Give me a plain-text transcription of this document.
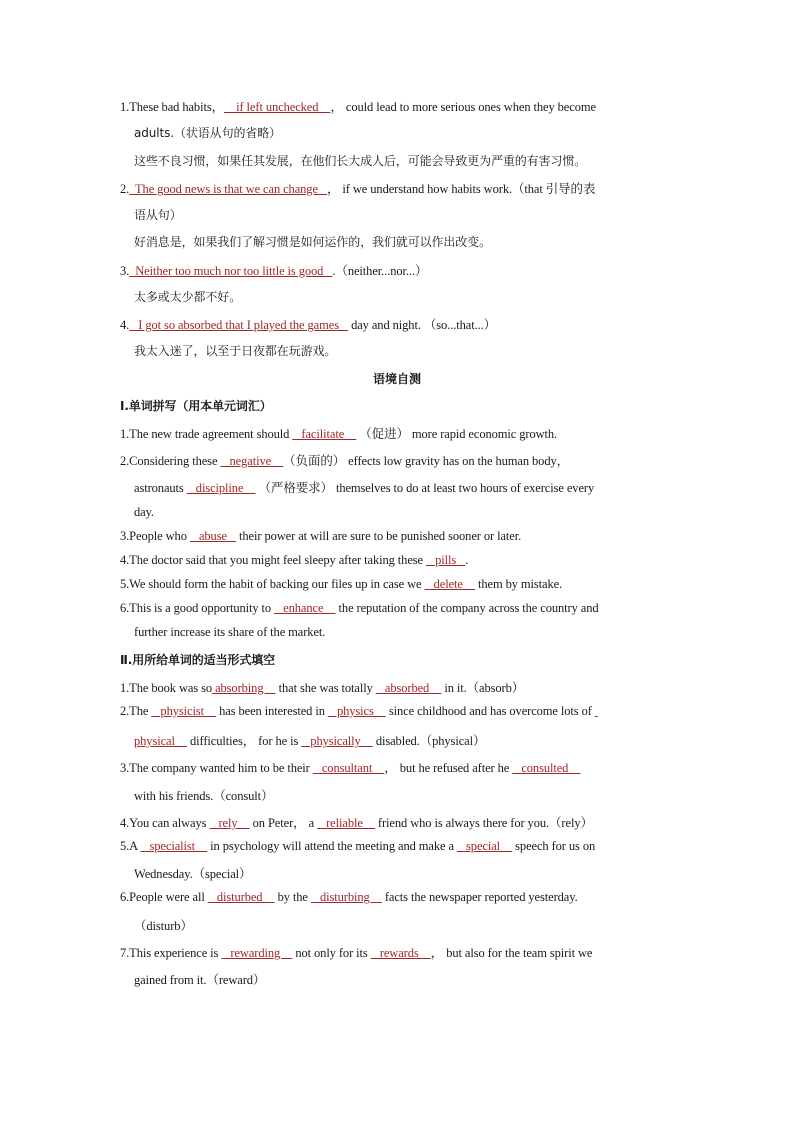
1.These bad habits，    if left unchecked    ， could lead to more serious ones when they become
adults.（状语从句的省略）
这些不良习惯，如果任其发展，在他们长大成人后，可能会导致更为严重的有害习惯。
2.  The good news is that we can change   ， if we understand how habits work.（that 引导的表
语从句）
好消息是，如果我们了解习惯是如何运作的，我们就可以作出改变。
3.  Neither too much nor too little is good   .（neither...nor...）
太多或太少都不好。
4.   I got so absorbed that I played the games    day and night. （so...that...）
我太入迷了，以至于日夜都在玩游戏。
语境自测
Ⅰ.单词拼写（用本单元词汇）
1.The new trade agreement should    facilitate     （促进） more rapid economic growth.
2.Considering these    negative    （负面的） effects low gravity has on the human body，
astronauts    discipline     （严格要求） themselves to do at least two hours of exercise every
day.
3.People who    abuse    their power at will are sure to be punished sooner or later.
4.The doctor said that you might feel sleepy after taking these    pills   .
5.We should form the habit of backing our files up in case we    delete     them by mistake.
6.This is a good opportunity to    enhance     the reputation of the company across the country and
further increase its share of the market.
Ⅱ.用所给单词的适当形式填空
1.The book was so absorbing     that she was totally    absorbed     in it.（absorb）
2.The    physicist     has been interested in    physics     since childhood and has overcome lots of
physical     difficulties， for he is    physically     disabled.（physical）
3.The company wanted him to be their    consultant    ， but he refused after he    consulted
with his friends.（consult）
4.You can always    rely     on Peter， a    reliable     friend who is always there for you.（rely）
5.A    specialist     in psychology will attend the meeting and make a    special     speech for us on
Wednesday.（special）
6.People were all    disturbed     by the    disturbing     facts the newspaper reported yesterday.
（disturb）
7.This experience is    rewarding     not only for its    rewards    ， but also for the team spirit we
gained from it.（reward）
